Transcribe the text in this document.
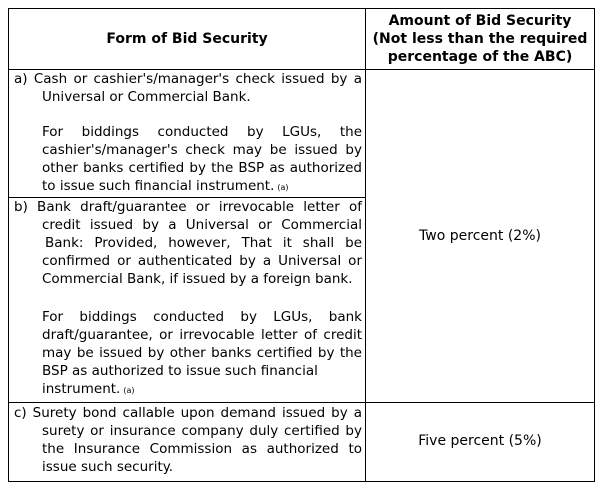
Form of Bid Security
Amount of Bid Security
(Not less than the required
percentage of the ABC)
a) Cash or cashier's/manager's check issued by a
Universal or Commercial Bank.
For biddings conducted by LGUs, the
cashier's/manager's check may be issued by
other banks certified by the BSP as authorized
to issue such financial instrument. (a)
b) Bank draft/guarantee or irrevocable letter of
credit issued by a Universal or Commercial
Bank: Provided, however, That it shall be
confirmed or authenticated by a Universal or
Commercial Bank, if issued by a foreign bank.
For biddings conducted by LGUs, bank
draft/guarantee, or irrevocable letter of credit
may be issued by other banks certified by the
BSP as authorized to issue such financial
instrument. (a)
c) Surety bond callable upon demand issued by a
surety or insurance company duly certified by
the Insurance Commission as authorized to
issue such security.
Two percent (2%)
Five percent (5%)
